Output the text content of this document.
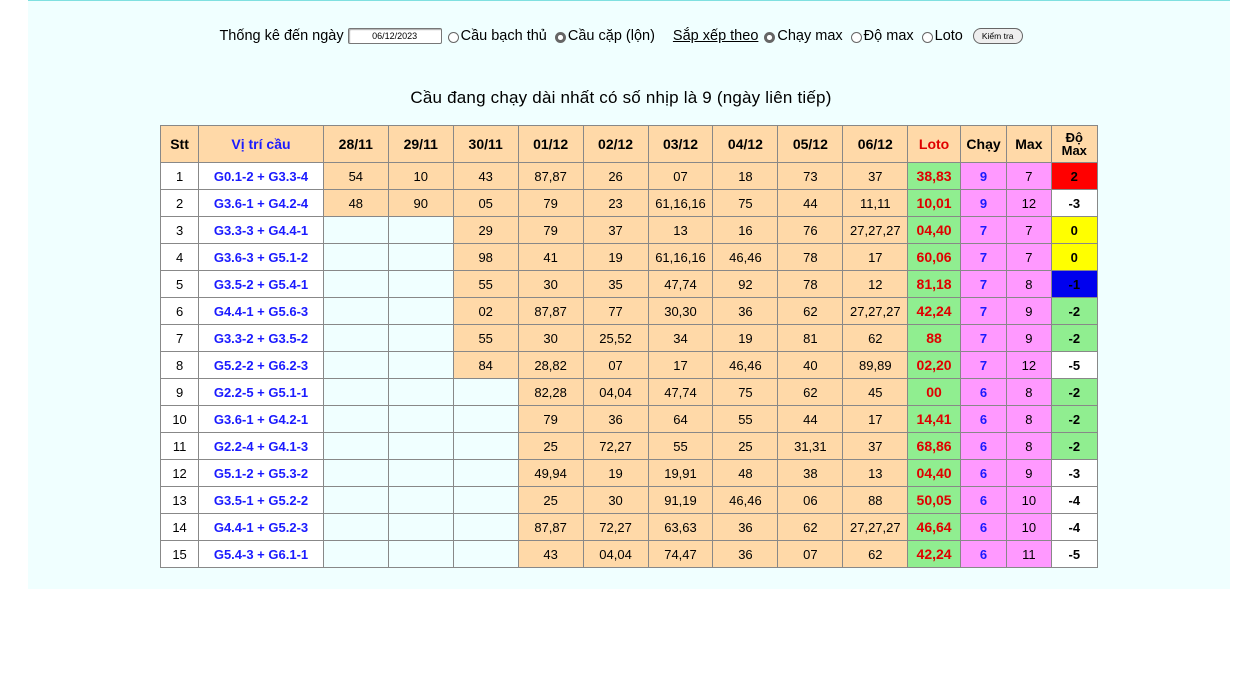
Thống kê đến ngày	06/12/2023	Cầu bạch thủ Cầu cặp (lộn) Sắp xếp theo Chạy max Độ max Loto	Kiểm tra
Cầu đang chạy dài nhất có số nhịp là 9 (ngày liên tiếp)
Stt	Vị trí cầu	28/11	29/11	30/11	01/12	02/12	03/12	04/12	05/12	06/12	Loto	Chạy	Max	Độ
Max
1	G0.1-2 + G3.3-4	54	10	43	87,87	26	07	18	73	37	38,83	9	7	2
2	G3.6-1 + G4.2-4	48	90	05	79	23	61,16,16	75	44	11,11	10,01	9	12	-3
3	G3.3-3 + G4.4-1			29	79	37	13	16	76	27,27,27	04,40	7	7	0
4	G3.6-3 + G5.1-2			98	41	19	61,16,16	46,46	78	17	60,06	7	7	0
5	G3.5-2 + G5.4-1			55	30	35	47,74	92	78	12	81,18	7	8	-1
6	G4.4-1 + G5.6-3			02	87,87	77	30,30	36	62	27,27,27	42,24	7	9	-2
7	G3.3-2 + G3.5-2			55	30	25,52	34	19	81	62	88	7	9	-2
8	G5.2-2 + G6.2-3			84	28,82	07	17	46,46	40	89,89	02,20	7	12	-5
9	G2.2-5 + G5.1-1				82,28	04,04	47,74	75	62	45	00	6	8	-2
10	G3.6-1 + G4.2-1				79	36	64	55	44	17	14,41	6	8	-2
11	G2.2-4 + G4.1-3				25	72,27	55	25	31,31	37	68,86	6	8	-2
12	G5.1-2 + G5.3-2				49,94	19	19,91	48	38	13	04,40	6	9	-3
13	G3.5-1 + G5.2-2				25	30	91,19	46,46	06	88	50,05	6	10	-4
14	G4.4-1 + G5.2-3				87,87	72,27	63,63	36	62	27,27,27	46,64	6	10	-4
15	G5.4-3 + G6.1-1				43	04,04	74,47	36	07	62	42,24	6	11	-5
